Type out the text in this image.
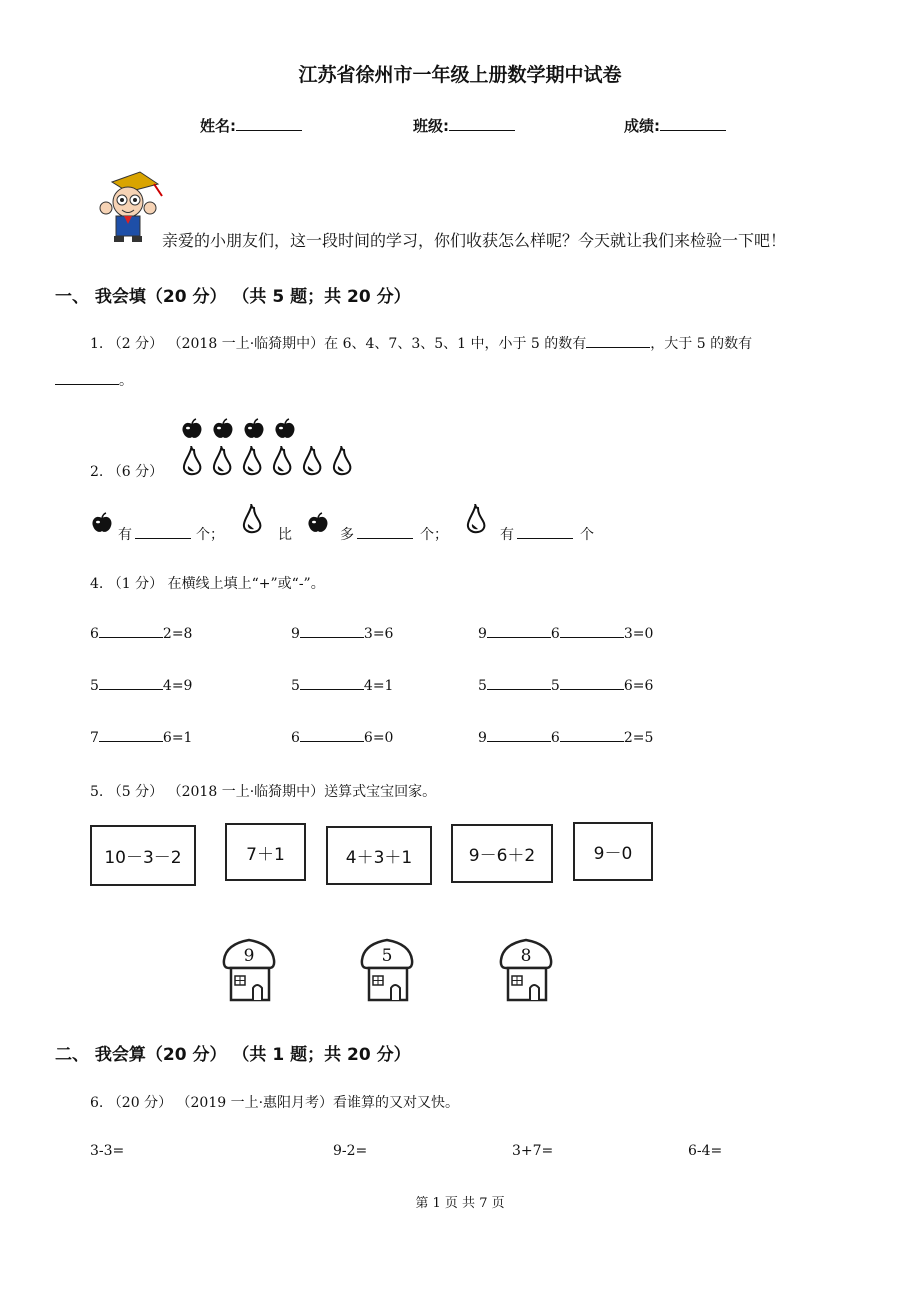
江苏省徐州市一年级上册数学期中试卷
姓名:	班级:	成绩:
亲爱的小朋友们，这一段时间的学习，你们收获怎么样呢？今天就让我们来检验一下吧！
一、 我会填（20 分） （共 5 题；共 20 分）
1. （2 分） （2018 一上·临猗期中）在 6、4、7、3、5、1 中，小于 5 的数有	，大于 5 的数有
。
2. （6 分）
有	个；	比	多	个；	有	个
4. （1 分） 在横线上填上“+”或“-”。
6	2=8	9	3=6	9	6	3=0
5	4=9	5	4=1	5	5	6=6
7	6=1	6	6=0	9	6	2=5
5. （5 分） （2018 一上·临猗期中）送算式宝宝回家。
10－3－2	7＋1	4＋3＋1	9－6＋2	9－0
9	5	8
二、 我会算（20 分） （共 1 题；共 20 分）
6. （20 分） （2019 一上·惠阳月考）看谁算的又对又快。
3-3=	9-2=	3+7=	6-4=
第 1 页 共 7 页
